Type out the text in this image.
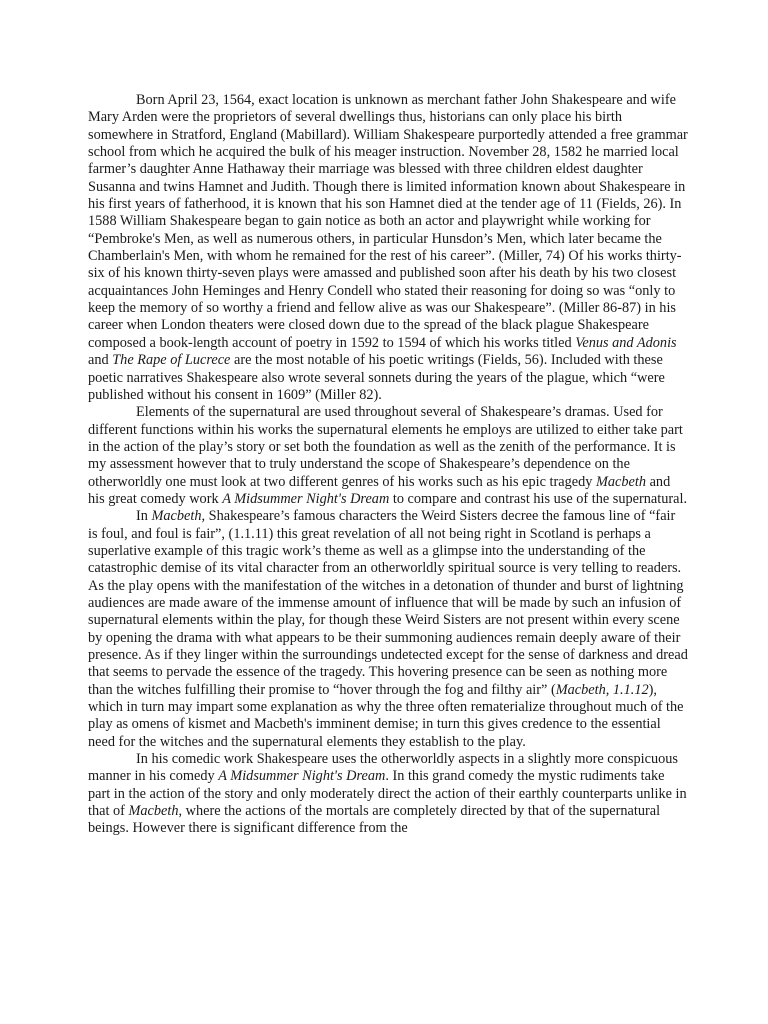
Born April 23, 1564, exact location is unknown as merchant father John Shakespeare and wife Mary Arden were the proprietors of several dwellings thus, historians can only place his birth somewhere in Stratford, England (Mabillard). William Shakespeare purportedly attended a free grammar school from which he acquired the bulk of his meager instruction. November 28, 1582 he married local farmer’s daughter Anne Hathaway their marriage was blessed with three children eldest daughter Susanna and twins Hamnet and Judith. Though there is limited information known about Shakespeare in his first years of fatherhood, it is known that his son Hamnet died at the tender age of 11 (Fields, 26). In 1588 William Shakespeare began to gain notice as both an actor and playwright while working for “Pembroke's Men, as well as numerous others, in particular Hunsdon’s Men, which later became the Chamberlain's Men, with whom he remained for the rest of his career”. (Miller, 74) Of his works thirty-six of his known thirty-seven plays were amassed and published soon after his death by his two closest acquaintances John Heminges and Henry Condell who stated their reasoning for doing so was “only to keep the memory of so worthy a friend and fellow alive as was our Shakespeare”. (Miller 86-87) in his career when London theaters were closed down due to the spread of the black plague Shakespeare composed a book-length account of poetry in 1592 to 1594 of which his works titled Venus and Adonis and The Rape of Lucrece are the most notable of his poetic writings (Fields, 56). Included with these poetic narratives Shakespeare also wrote several sonnets during the years of the plague, which “were published without his consent in 1609” (Miller 82).

Elements of the supernatural are used throughout several of Shakespeare’s dramas. Used for different functions within his works the supernatural elements he employs are utilized to either take part in the action of the play’s story or set both the foundation as well as the zenith of the performance. It is my assessment however that to truly understand the scope of Shakespeare’s dependence on the otherworldly one must look at two different genres of his works such as his epic tragedy Macbeth and his great comedy work A Midsummer Night's Dream to compare and contrast his use of the supernatural.

In Macbeth, Shakespeare’s famous characters the Weird Sisters decree the famous line of “fair is foul, and foul is fair”, (1.1.11) this great revelation of all not being right in Scotland is perhaps a superlative example of this tragic work’s theme as well as a glimpse into the understanding of the catastrophic demise of its vital character from an otherworldly spiritual source is very telling to readers. As the play opens with the manifestation of the witches in a detonation of thunder and burst of lightning audiences are made aware of the immense amount of influence that will be made by such an infusion of supernatural elements within the play, for though these Weird Sisters are not present within every scene by opening the drama with what appears to be their summoning audiences remain deeply aware of their presence. As if they linger within the surroundings undetected except for the sense of darkness and dread that seems to pervade the essence of the tragedy. This hovering presence can be seen as nothing more than the witches fulfilling their promise to “hover through the fog and filthy air” (Macbeth, 1.1.12), which in turn may impart some explanation as why the three often rematerialize throughout much of the play as omens of kismet and Macbeth's imminent demise; in turn this gives credence to the essential need for the witches and the supernatural elements they establish to the play.

In his comedic work Shakespeare uses the otherworldly aspects in a slightly more conspicuous manner in his comedy A Midsummer Night's Dream. In this grand comedy the mystic rudiments take part in the action of the story and only moderately direct the action of their earthly counterparts unlike in that of Macbeth, where the actions of the mortals are completely directed by that of the supernatural beings. However there is significant difference from the
